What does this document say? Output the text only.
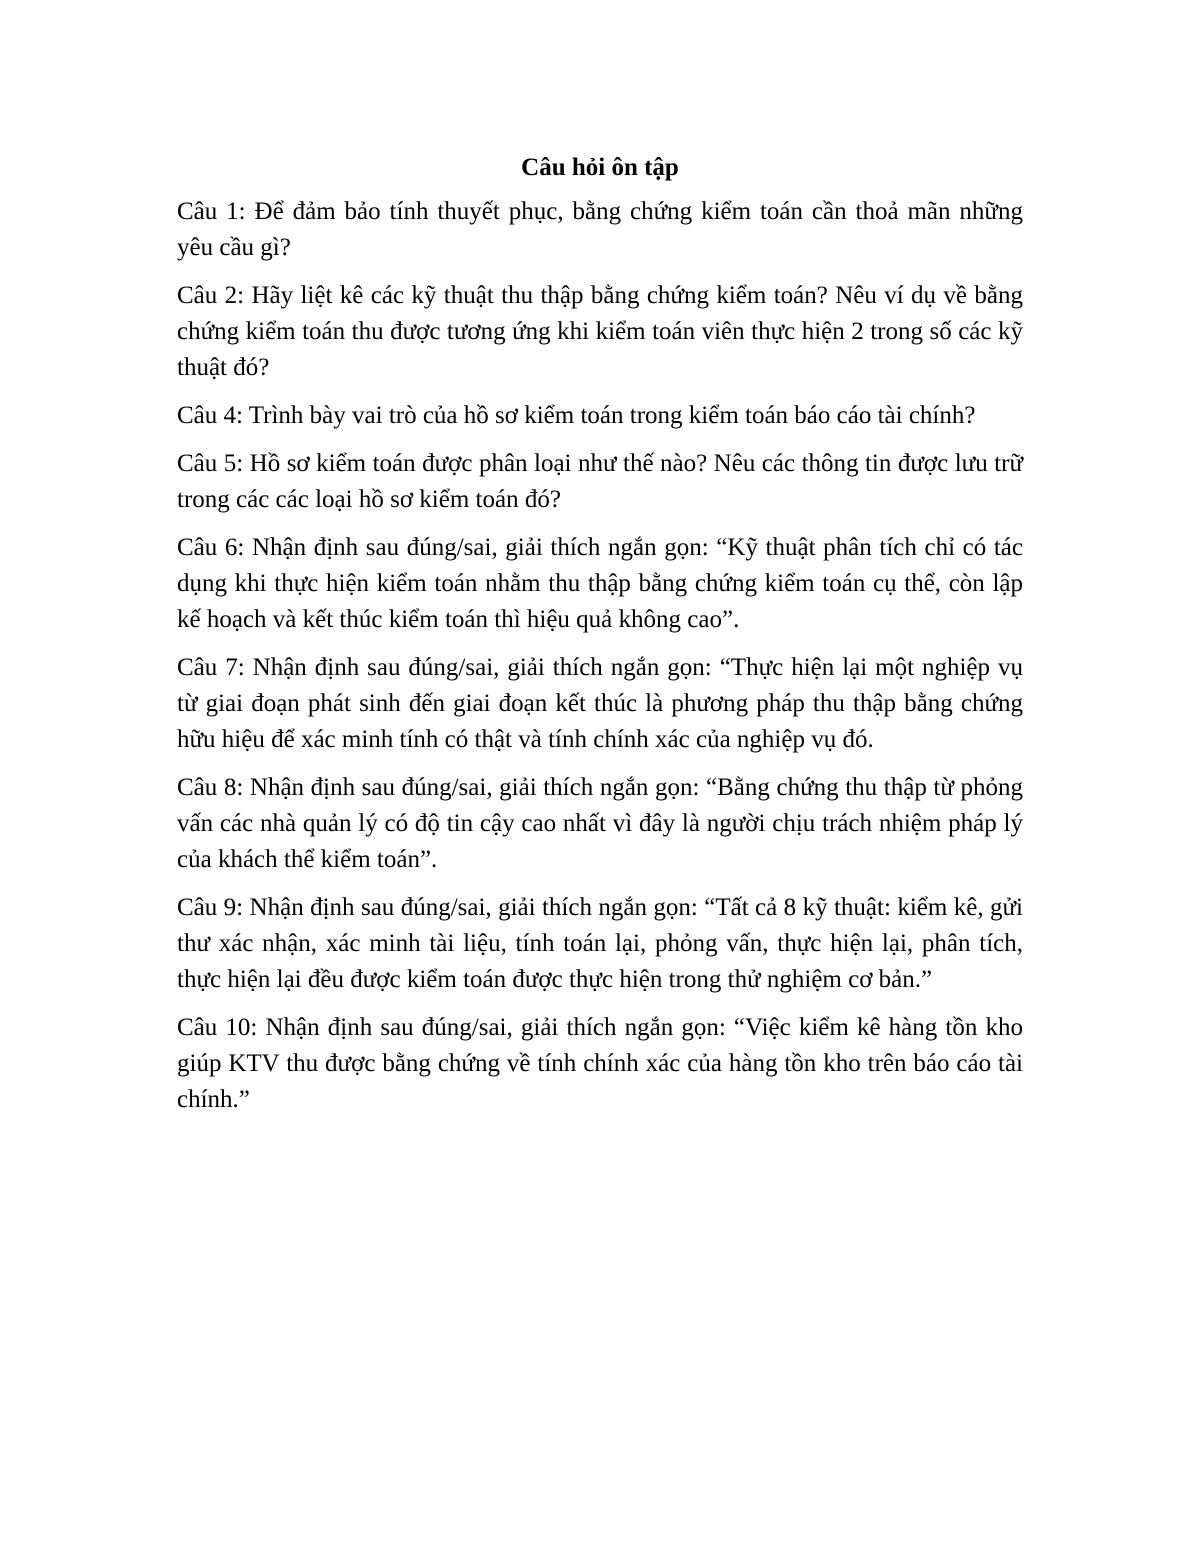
Câu hỏi ôn tập

Câu 1: Để đảm bảo tính thuyết phục, bằng chứng kiểm toán cần thoả mãn những yêu cầu gì?

Câu 2: Hãy liệt kê các kỹ thuật thu thập bằng chứng kiểm toán? Nêu ví dụ về bằng chứng kiểm toán thu được tương ứng khi kiểm toán viên thực hiện 2 trong số các kỹ thuật đó?

Câu 4: Trình bày vai trò của hồ sơ kiểm toán trong kiểm toán báo cáo tài chính?

Câu 5: Hồ sơ kiểm toán được phân loại như thế nào? Nêu các thông tin được lưu trữ trong các các loại hồ sơ kiểm toán đó?

Câu 6: Nhận định sau đúng/sai, giải thích ngắn gọn: “Kỹ thuật phân tích chỉ có tác dụng khi thực hiện kiểm toán nhằm thu thập bằng chứng kiểm toán cụ thể, còn lập kế hoạch và kết thúc kiểm toán thì hiệu quả không cao”.

Câu 7: Nhận định sau đúng/sai, giải thích ngắn gọn: “Thực hiện lại một nghiệp vụ từ giai đoạn phát sinh đến giai đoạn kết thúc là phương pháp thu thập bằng chứng hữu hiệu để xác minh tính có thật và tính chính xác của nghiệp vụ đó.

Câu 8: Nhận định sau đúng/sai, giải thích ngắn gọn: “Bằng chứng thu thập từ phỏng vấn các nhà quản lý có độ tin cậy cao nhất vì đây là người chịu trách nhiệm pháp lý của khách thể kiểm toán”.

Câu 9: Nhận định sau đúng/sai, giải thích ngắn gọn: “Tất cả 8 kỹ thuật: kiểm kê, gửi thư xác nhận, xác minh tài liệu, tính toán lại, phỏng vấn, thực hiện lại, phân tích, thực hiện lại đều được kiểm toán được thực hiện trong thử nghiệm cơ bản.”

Câu 10: Nhận định sau đúng/sai, giải thích ngắn gọn: “Việc kiểm kê hàng tồn kho giúp KTV thu được bằng chứng về tính chính xác của hàng tồn kho trên báo cáo tài chính.”
